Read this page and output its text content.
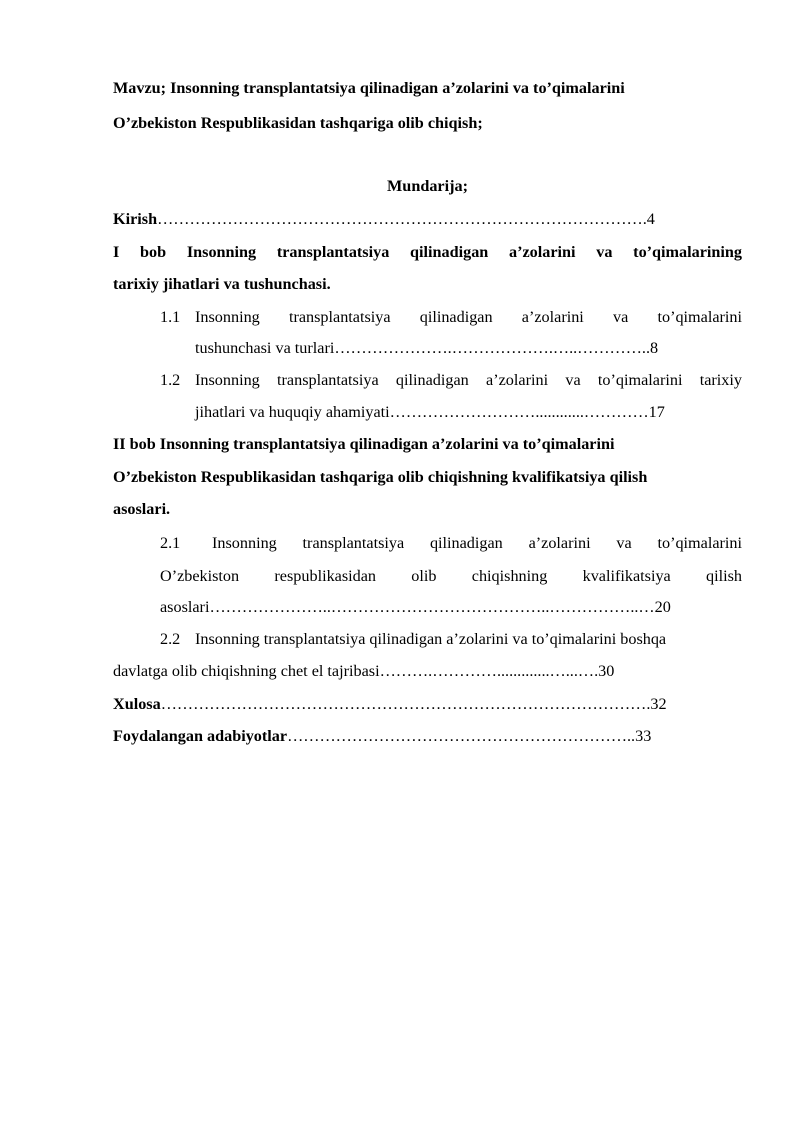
Mavzu; Insonning transplantatsiya qilinadigan a’zolarini va to’qimalarini
O’zbekiston Respublikasidan tashqariga olib chiqish;
Mundarija;
Kirish……………………………………………………………………………….4
I bob Insonning transplantatsiya qilinadigan a’zolarini va to’qimalarining
tarixiy jihatlari va tushunchasi.
1.1 Insonning transplantatsiya qilinadigan a’zolarini va to’qimalarini
tushunchasi va turlari………………….……………….…..…………..8
1.2 Insonning transplantatsiya qilinadigan a’zolarini va to’qimalarini tarixiy
jihatlari va huquqiy ahamiyati………………………............…………17
II bob Insonning transplantatsiya qilinadigan a’zolarini va to’qimalarini
O’zbekiston Respublikasidan tashqariga olib chiqishning kvalifikatsiya qilish
asoslari.
2.1 Insonning transplantatsiya qilinadigan a’zolarini va to’qimalarini
O’zbekiston respublikasidan olib chiqishning kvalifikatsiya qilish
asoslari…………………..…………………………………..……………..…20
2.2 Insonning transplantatsiya qilinadigan a’zolarini va to’qimalarini boshqa
davlatga olib chiqishning chet el tajribasi……….………….............…...….30
Xulosa……………………………………………………………………………….32
Foydalangan adabiyotlar………………………………………………………..33
